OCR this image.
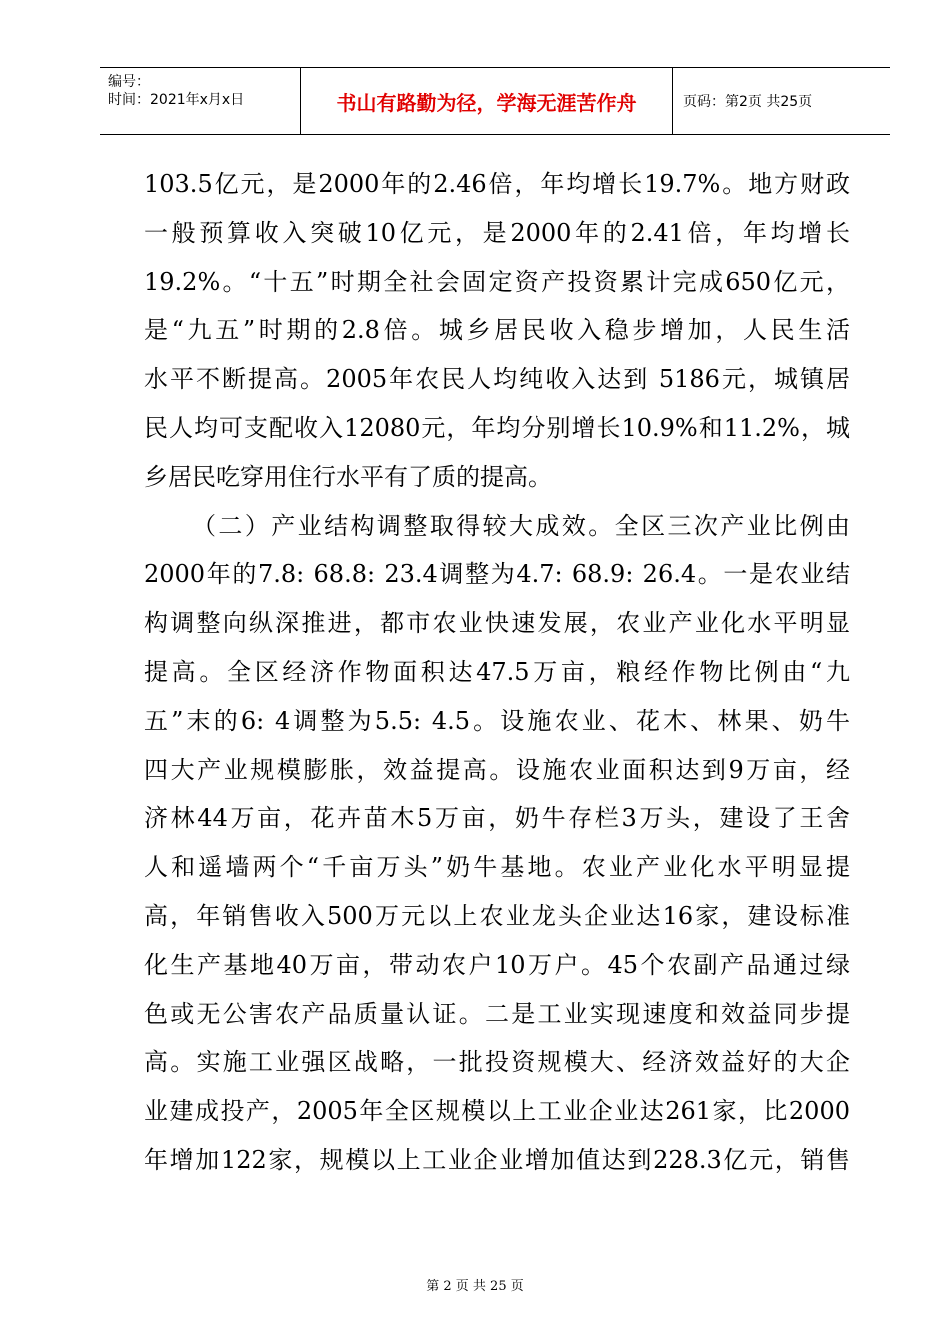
编号：
时间：2021年x月x日	书山有路勤为径，学海无涯苦作舟	页码：第2页 共25页
103.5亿元，是2000年的2.46倍，年均增长19.7%。地方财政
一般预算收入突破10亿元，是2000年的2.41倍，年均增长
19.2%。“十五”时期全社会固定资产投资累计完成650亿元，
是“九五”时期的2.8倍。城乡居民收入稳步增加，人民生活
水平不断提高。2005年农民人均纯收入达到 5186元，城镇居
民人均可支配收入12080元，年均分别增长10.9%和11.2%，城
乡居民吃穿用住行水平有了质的提高。
（二）产业结构调整取得较大成效。全区三次产业比例由
2000年的7.8: 68.8: 23.4调整为4.7: 68.9: 26.4。一是农业结
构调整向纵深推进，都市农业快速发展，农业产业化水平明显
提高。全区经济作物面积达47.5万亩，粮经作物比例由“九
五”末的6: 4调整为5.5: 4.5。设施农业、花木、林果、奶牛
四大产业规模膨胀，效益提高。设施农业面积达到9万亩，经
济林44万亩，花卉苗木5万亩，奶牛存栏3万头，建设了王舍
人和遥墙两个“千亩万头”奶牛基地。农业产业化水平明显提
高，年销售收入500万元以上农业龙头企业达16家，建设标准
化生产基地40万亩，带动农户10万户。45个农副产品通过绿
色或无公害农产品质量认证。二是工业实现速度和效益同步提
高。实施工业强区战略，一批投资规模大、经济效益好的大企
业建成投产，2005年全区规模以上工业企业达261家，比2000
年增加122家，规模以上工业企业增加值达到228.3亿元，销售
第 2 页 共 25 页
